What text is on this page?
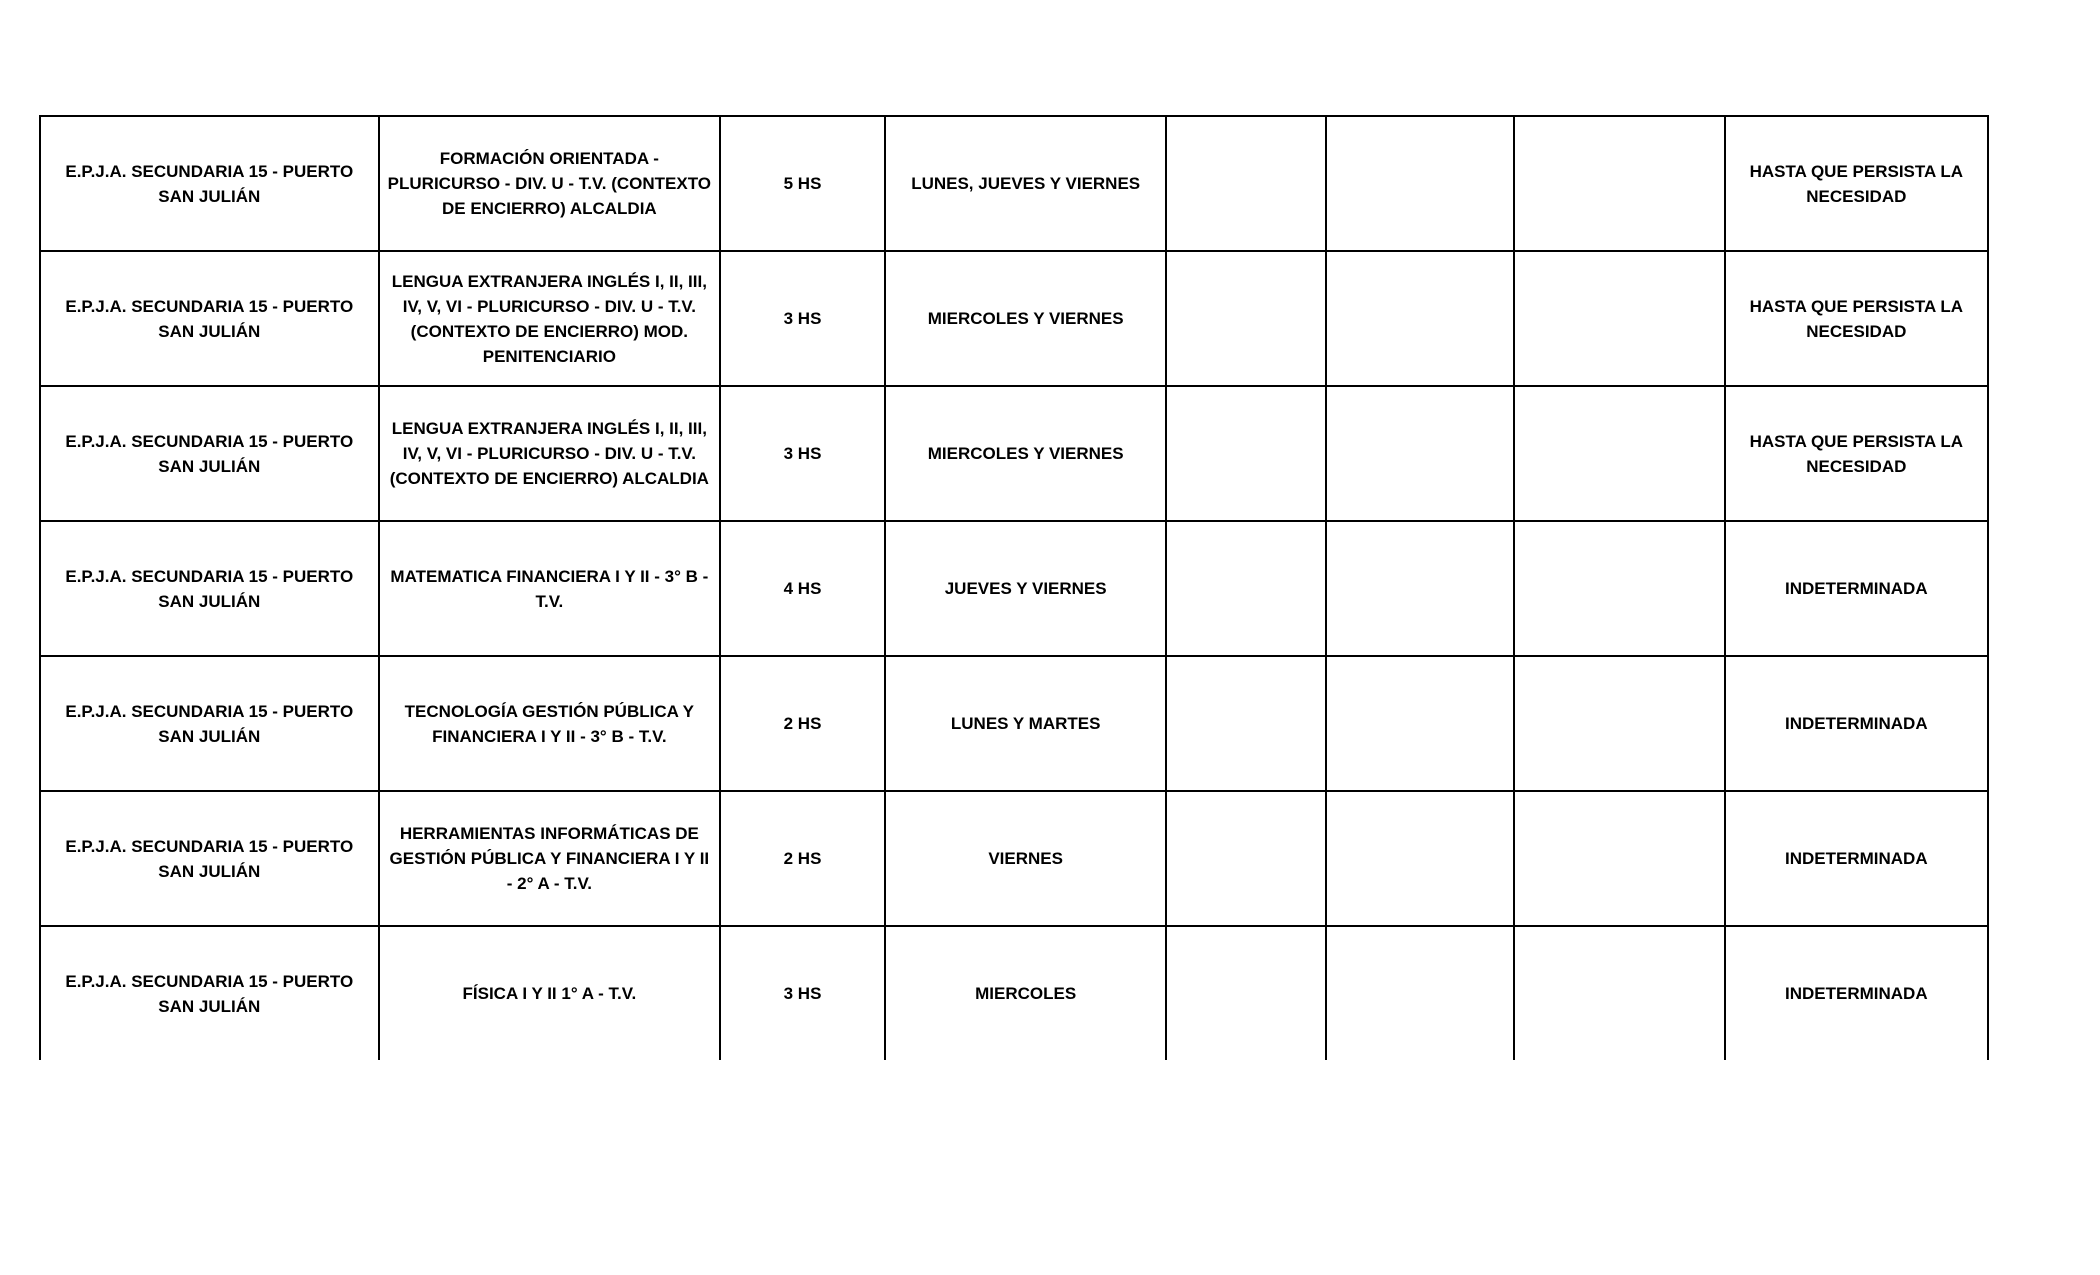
E.P.J.A. SECUNDARIA 15 - PUERTO SAN JULIÁN	FORMACIÓN ORIENTADA - PLURICURSO - DIV. U - T.V. (CONTEXTO DE ENCIERRO) ALCALDIA	5 HS	LUNES, JUEVES Y VIERNES				HASTA QUE PERSISTA LA NECESIDAD
E.P.J.A. SECUNDARIA 15 - PUERTO SAN JULIÁN	LENGUA EXTRANJERA INGLÉS I, II, III, IV, V, VI - PLURICURSO - DIV. U - T.V. (CONTEXTO DE ENCIERRO) MOD. PENITENCIARIO	3 HS	MIERCOLES Y VIERNES				HASTA QUE PERSISTA LA NECESIDAD
E.P.J.A. SECUNDARIA 15 - PUERTO SAN JULIÁN	LENGUA EXTRANJERA INGLÉS I, II, III, IV, V, VI - PLURICURSO - DIV. U - T.V. (CONTEXTO DE ENCIERRO) ALCALDIA	3 HS	MIERCOLES Y VIERNES				HASTA QUE PERSISTA LA NECESIDAD
E.P.J.A. SECUNDARIA 15 - PUERTO SAN JULIÁN	MATEMATICA FINANCIERA I Y II - 3° B - T.V.	4 HS	JUEVES Y VIERNES				INDETERMINADA
E.P.J.A. SECUNDARIA 15 - PUERTO SAN JULIÁN	TECNOLOGÍA GESTIÓN PÚBLICA Y FINANCIERA I Y II - 3° B - T.V.	2 HS	LUNES Y MARTES				INDETERMINADA
E.P.J.A. SECUNDARIA 15 - PUERTO SAN JULIÁN	HERRAMIENTAS INFORMÁTICAS DE GESTIÓN PÚBLICA Y FINANCIERA I Y II - 2° A - T.V.	2 HS	VIERNES				INDETERMINADA
E.P.J.A. SECUNDARIA 15 - PUERTO SAN JULIÁN	FÍSICA I Y II 1° A - T.V.	3 HS	MIERCOLES				INDETERMINADA
